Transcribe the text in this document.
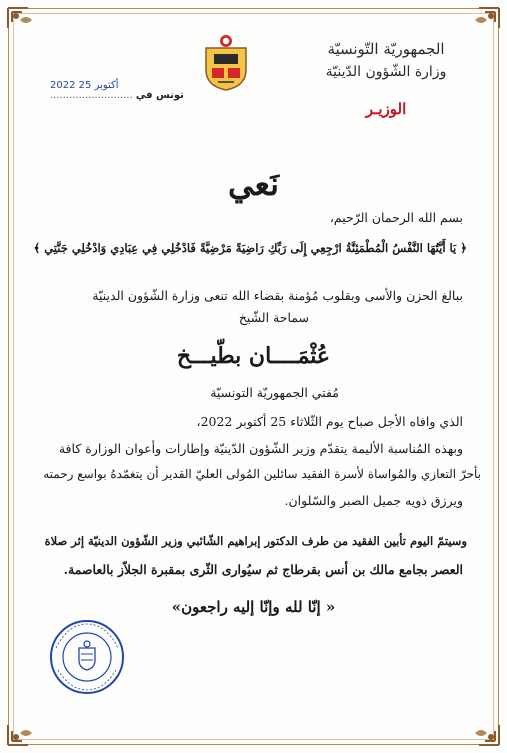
الجمهوريّة التّونسيّة
وزارة الشّؤون الدّينيّة
الوزيـر
تونس في ..........................
2022 أكتوبر 25
نَعي
بسم الله الرحمان الرّحيم،
﴿ يَا أَيَّتُهَا النَّفْسُ الْمُطْمَئِنَّةُ ارْجِعِي إِلَى رَبِّكِ رَاضِيَةً مَرْضِيَّةً فَادْخُلِي فِي عِبَادِي وَادْخُلِي جَنَّتِي ﴾
ببالغ الحزن والأسى وبقلوب مُؤمنة بقضاء الله تنعى وزارة الشّؤون الدينيّة
سماحة الشّيخ
عُثْمَــــان بطّيـــخ
مُفتي الجمهوريّة التونسيّة
الذي وافاه الأجل صباح يوم الثّلاثاء 25 أكتوبر 2022،
وبهذه المُناسبة الأليمة يتقدّم وزير الشّؤون الدّينيّة وإطارات وأعوان الوزارة كافة
بأحرّ التعازي والمُواساة لأسرة الفقيد سائلين المُولى العليّ القدير أن يتغمّدهُ بواسع رحمته
ويرزق ذويه جميل الصبر والسّلوان.
وسيتمّ اليوم تأبين الفقيد من طرف الدكتور إبراهيم الشّائبي وزير الشّؤون الدينيّة إثر صلاة
العصر بجامع مالك بن أنس بقرطاج ثم سيُوارى الثّرى بمقبرة الجلاّز بالعاصمة.
« إنّا لله وإنّا إليه راجعون»
